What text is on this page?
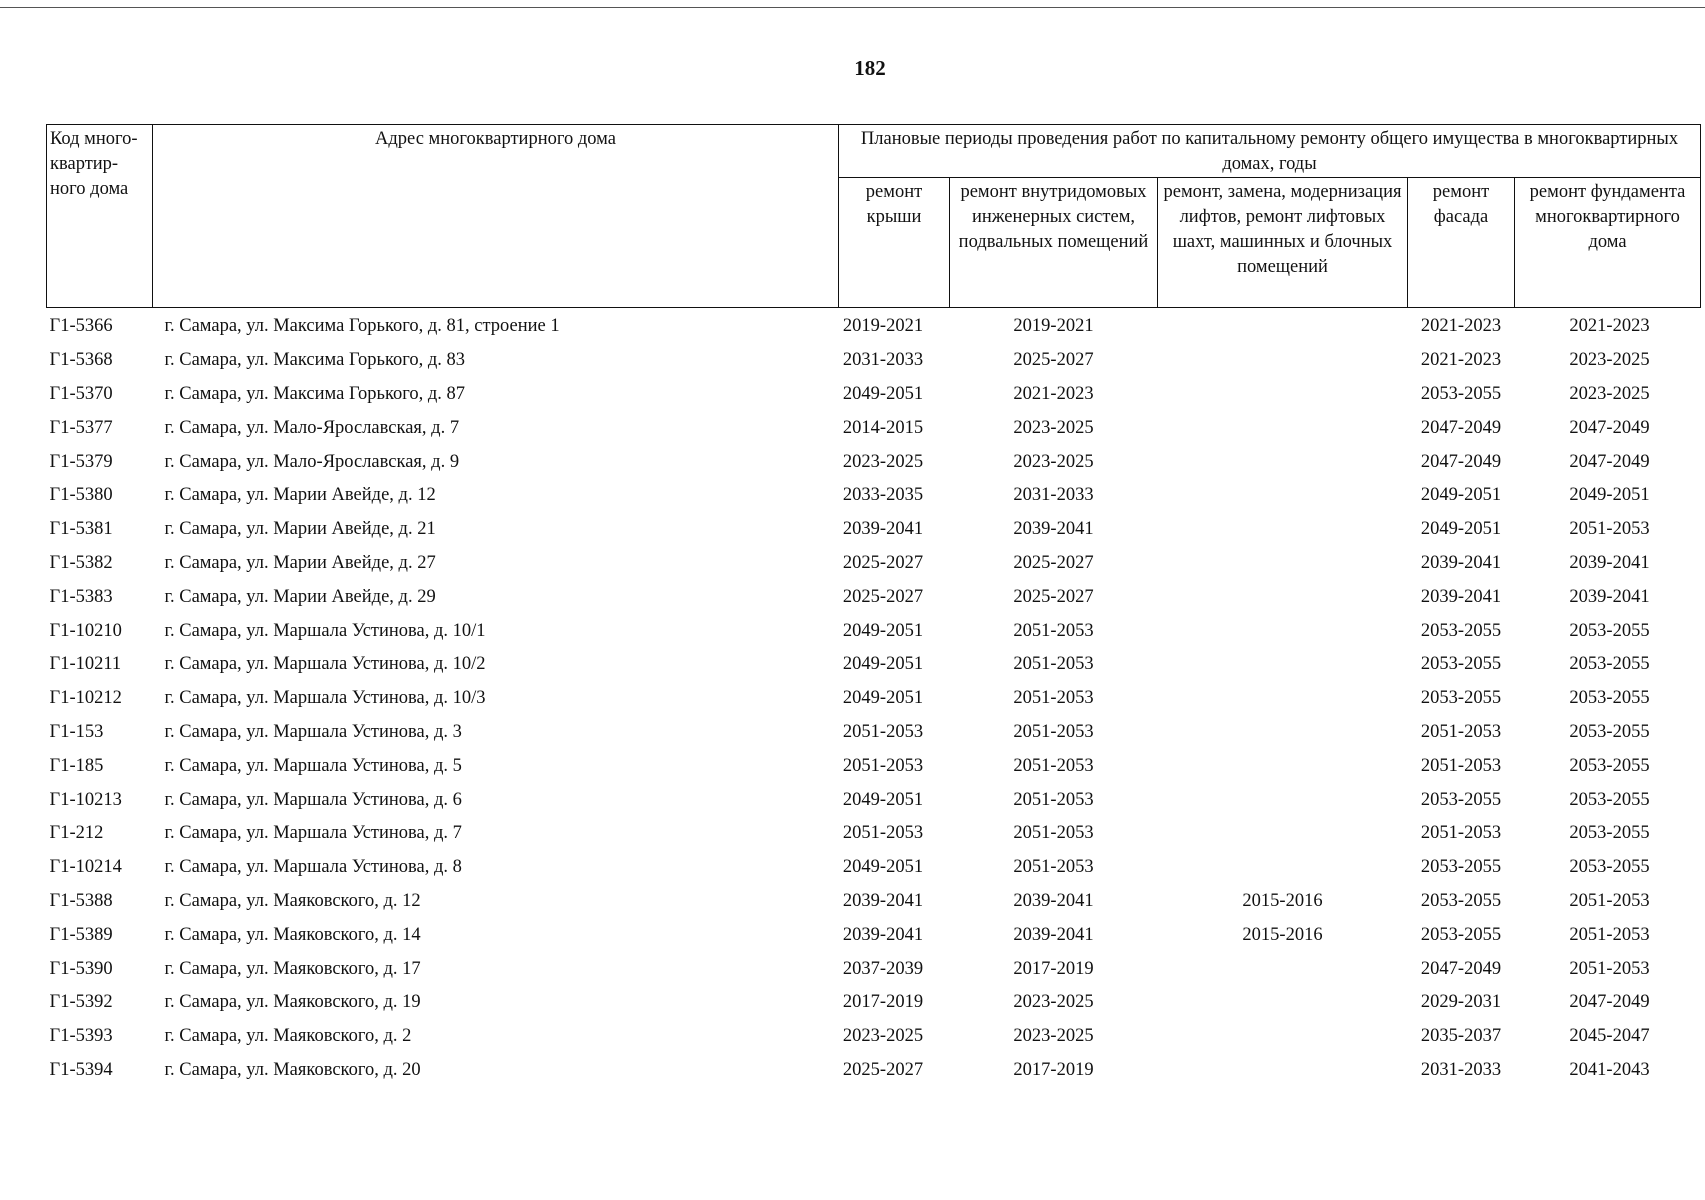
182
Код много-квартир-ного дома	Адрес многоквартирного дома	Плановые периоды проведения работ по капитальному ремонту общего имущества в многоквартирных домах, годы				
		ремонт крыши	ремонт внутридомовых инженерных систем, подвальных помещений	ремонт, замена, модернизация лифтов, ремонт лифтовых шахт, машинных и блочных помещений	ремонт фасада	ремонт фундамента многоквартирного дома
Г1-5366	г. Самара, ул. Максима Горького, д. 81, строение 1	2019-2021	2019-2021		2021-2023	2021-2023
Г1-5368	г. Самара, ул. Максима Горького, д. 83	2031-2033	2025-2027		2021-2023	2023-2025
Г1-5370	г. Самара, ул. Максима Горького, д. 87	2049-2051	2021-2023		2053-2055	2023-2025
Г1-5377	г. Самара, ул. Мало-Ярославская, д. 7	2014-2015	2023-2025		2047-2049	2047-2049
Г1-5379	г. Самара, ул. Мало-Ярославская, д. 9	2023-2025	2023-2025		2047-2049	2047-2049
Г1-5380	г. Самара, ул. Марии Авейде, д. 12	2033-2035	2031-2033		2049-2051	2049-2051
Г1-5381	г. Самара, ул. Марии Авейде, д. 21	2039-2041	2039-2041		2049-2051	2051-2053
Г1-5382	г. Самара, ул. Марии Авейде, д. 27	2025-2027	2025-2027		2039-2041	2039-2041
Г1-5383	г. Самара, ул. Марии Авейде, д. 29	2025-2027	2025-2027		2039-2041	2039-2041
Г1-10210	г. Самара, ул. Маршала Устинова, д. 10/1	2049-2051	2051-2053		2053-2055	2053-2055
Г1-10211	г. Самара, ул. Маршала Устинова, д. 10/2	2049-2051	2051-2053		2053-2055	2053-2055
Г1-10212	г. Самара, ул. Маршала Устинова, д. 10/3	2049-2051	2051-2053		2053-2055	2053-2055
Г1-153	г. Самара, ул. Маршала Устинова, д. 3	2051-2053	2051-2053		2051-2053	2053-2055
Г1-185	г. Самара, ул. Маршала Устинова, д. 5	2051-2053	2051-2053		2051-2053	2053-2055
Г1-10213	г. Самара, ул. Маршала Устинова, д. 6	2049-2051	2051-2053		2053-2055	2053-2055
Г1-212	г. Самара, ул. Маршала Устинова, д. 7	2051-2053	2051-2053		2051-2053	2053-2055
Г1-10214	г. Самара, ул. Маршала Устинова, д. 8	2049-2051	2051-2053		2053-2055	2053-2055
Г1-5388	г. Самара, ул. Маяковского, д. 12	2039-2041	2039-2041	2015-2016	2053-2055	2051-2053
Г1-5389	г. Самара, ул. Маяковского, д. 14	2039-2041	2039-2041	2015-2016	2053-2055	2051-2053
Г1-5390	г. Самара, ул. Маяковского, д. 17	2037-2039	2017-2019		2047-2049	2051-2053
Г1-5392	г. Самара, ул. Маяковского, д. 19	2017-2019	2023-2025		2029-2031	2047-2049
Г1-5393	г. Самара, ул. Маяковского, д. 2	2023-2025	2023-2025		2035-2037	2045-2047
Г1-5394	г. Самара, ул. Маяковского, д. 20	2025-2027	2017-2019		2031-2033	2041-2043
